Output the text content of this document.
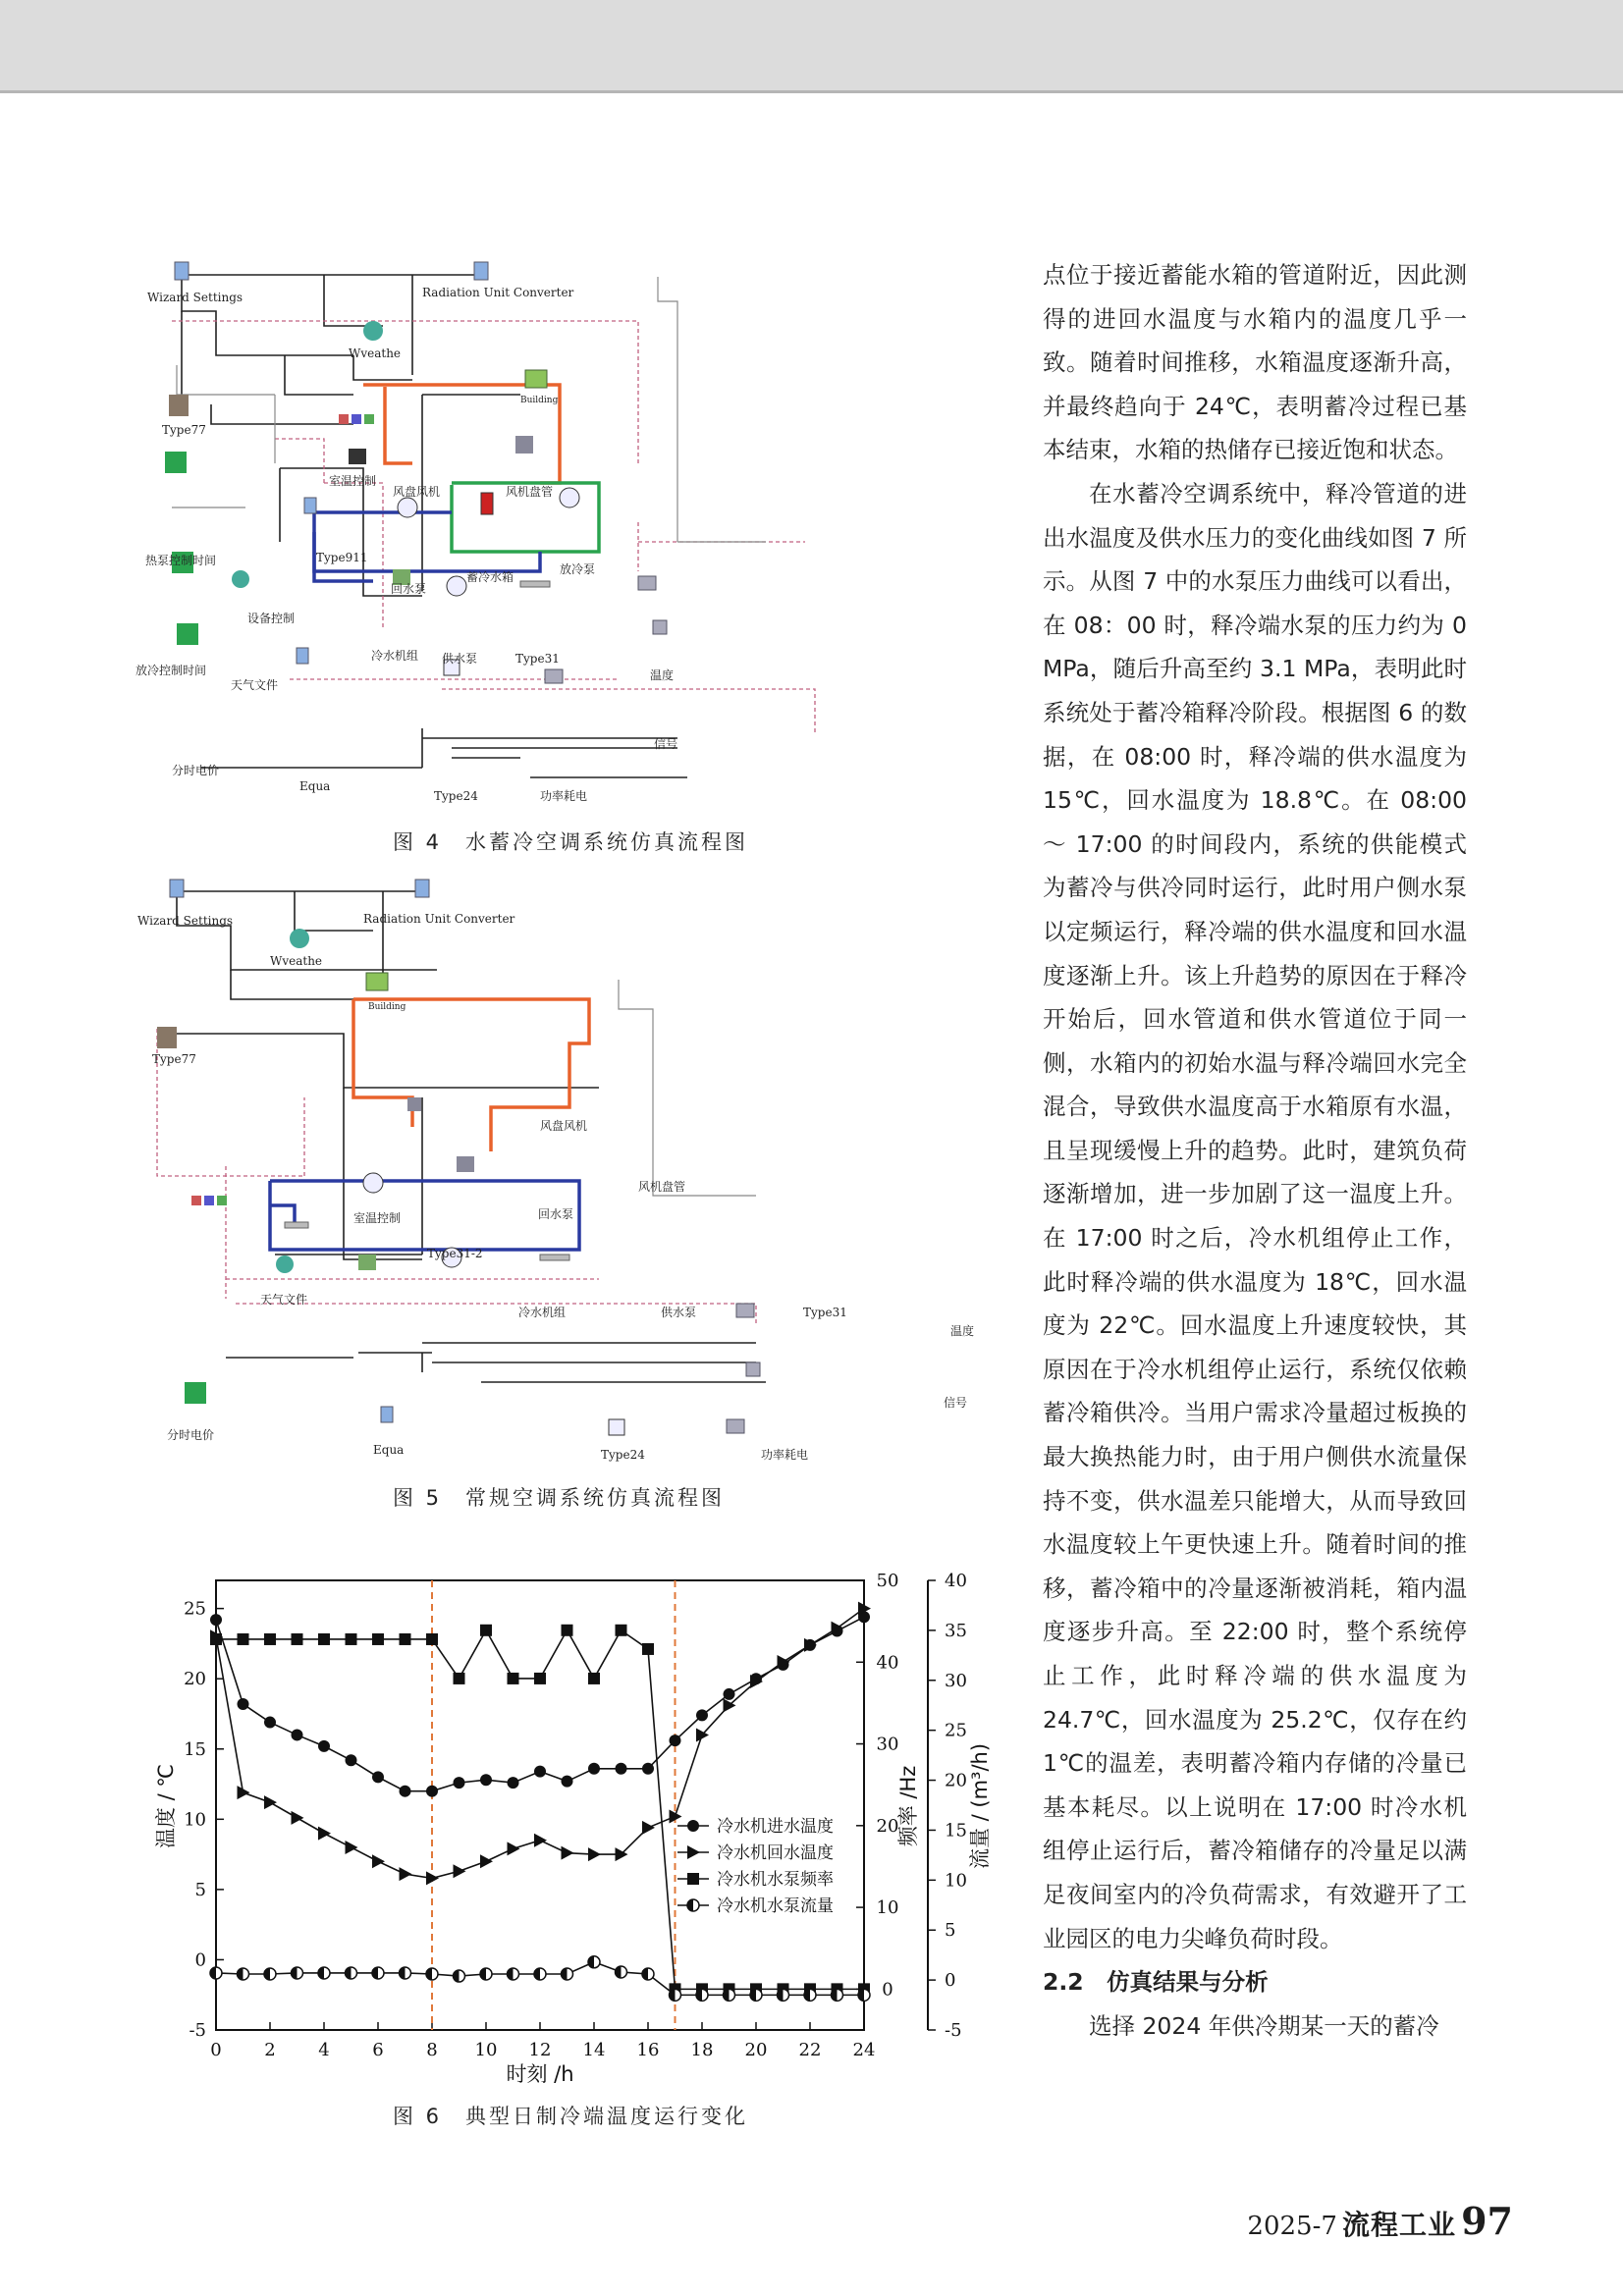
Wizard Settings	Radiation Unit Converter
Wveathe
Building
Type77
室温控制
热泵控制时间	Type911
设备控制
风盘风机	风机盘管
回水泵
蓄冷水箱
放冷泵
冷水机组 供水泵	Type31
温度
信号
天气文件
放冷控制时间
分时电价
Equa
Type24	功率耗电
图 4　水蓄冷空调系统仿真流程图
Wizard Settings	Radiation Unit Converter
Wveathe
Building
Type77
风盘风机
风机盘管
回水泵
室温控制
Type31-2
天气文件
冷水机组	供水泵	Type31
温度
信号
分时电价
Equa	Type24	功率耗电
图 5　常规空调系统仿真流程图
0 2 4 6 8 10 12 14 16 18 20 22 24
-5
0
5
10
15
20
25
0
10
20
30
40
50
-5
0
5
10
15
20
25
30
35
40
冷水机进水温度
冷水机回水温度
冷水机水泵频率
冷水机水泵流量
时刻 /h
温度 / ℃	频率 /Hz 流量 / (m³/h)
图 6　典型日制冷端温度运行变化

点位于接近蓄能水箱的管道附近，因此测得的进回水温度与水箱内的温度几乎一致。随着时间推移，水箱温度逐渐升高，并最终趋向于 24℃，表明蓄冷过程已基本结束，水箱的热储存已接近饱和状态。

在水蓄冷空调系统中，释冷管道的进出水温度及供水压力的变化曲线如图 7 所示。从图 7 中的水泵压力曲线可以看出，在 08：00 时，释冷端水泵的压力约为 0 MPa，随后升高至约 3.1 MPa，表明此时系统处于蓄冷箱释冷阶段。根据图 6 的数据，在 08:00 时，释冷端的供水温度为 15℃，回水温度为 18.8℃。在 08:00 ～ 17:00 的时间段内，系统的供能模式为蓄冷与供冷同时运行，此时用户侧水泵以定频运行，释冷端的供水温度和回水温度逐渐上升。该上升趋势的原因在于释冷开始后，回水管道和供水管道位于同一侧，水箱内的初始水温与释冷端回水完全混合，导致供水温度高于水箱原有水温，且呈现缓慢上升的趋势。此时，建筑负荷逐渐增加，进一步加剧了这一温度上升。在 17:00 时之后，冷水机组停止工作，此时释冷端的供水温度为 18℃，回水温度为 22℃。回水温度上升速度较快，其原因在于冷水机组停止运行，系统仅依赖蓄冷箱供冷。当用户需求冷量超过板换的最大换热能力时，由于用户侧供水流量保持不变，供水温差只能增大，从而导致回水温度较上午更快速上升。随着时间的推移，蓄冷箱中的冷量逐渐被消耗，箱内温度逐步升高。至 22:00 时，整个系统停止工作，此时释冷端的供水温度为 24.7℃，回水温度为 25.2℃，仅存在约 1℃的温差，表明蓄冷箱内存储的冷量已基本耗尽。以上说明在 17:00 时冷水机组停止运行后，蓄冷箱储存的冷量足以满足夜间室内的冷负荷需求，有效避开了工业园区的电力尖峰负荷时段。

2.2　仿真结果与分析

选择 2024 年供冷期某一天的蓄冷

2025-7 流程工业 97
